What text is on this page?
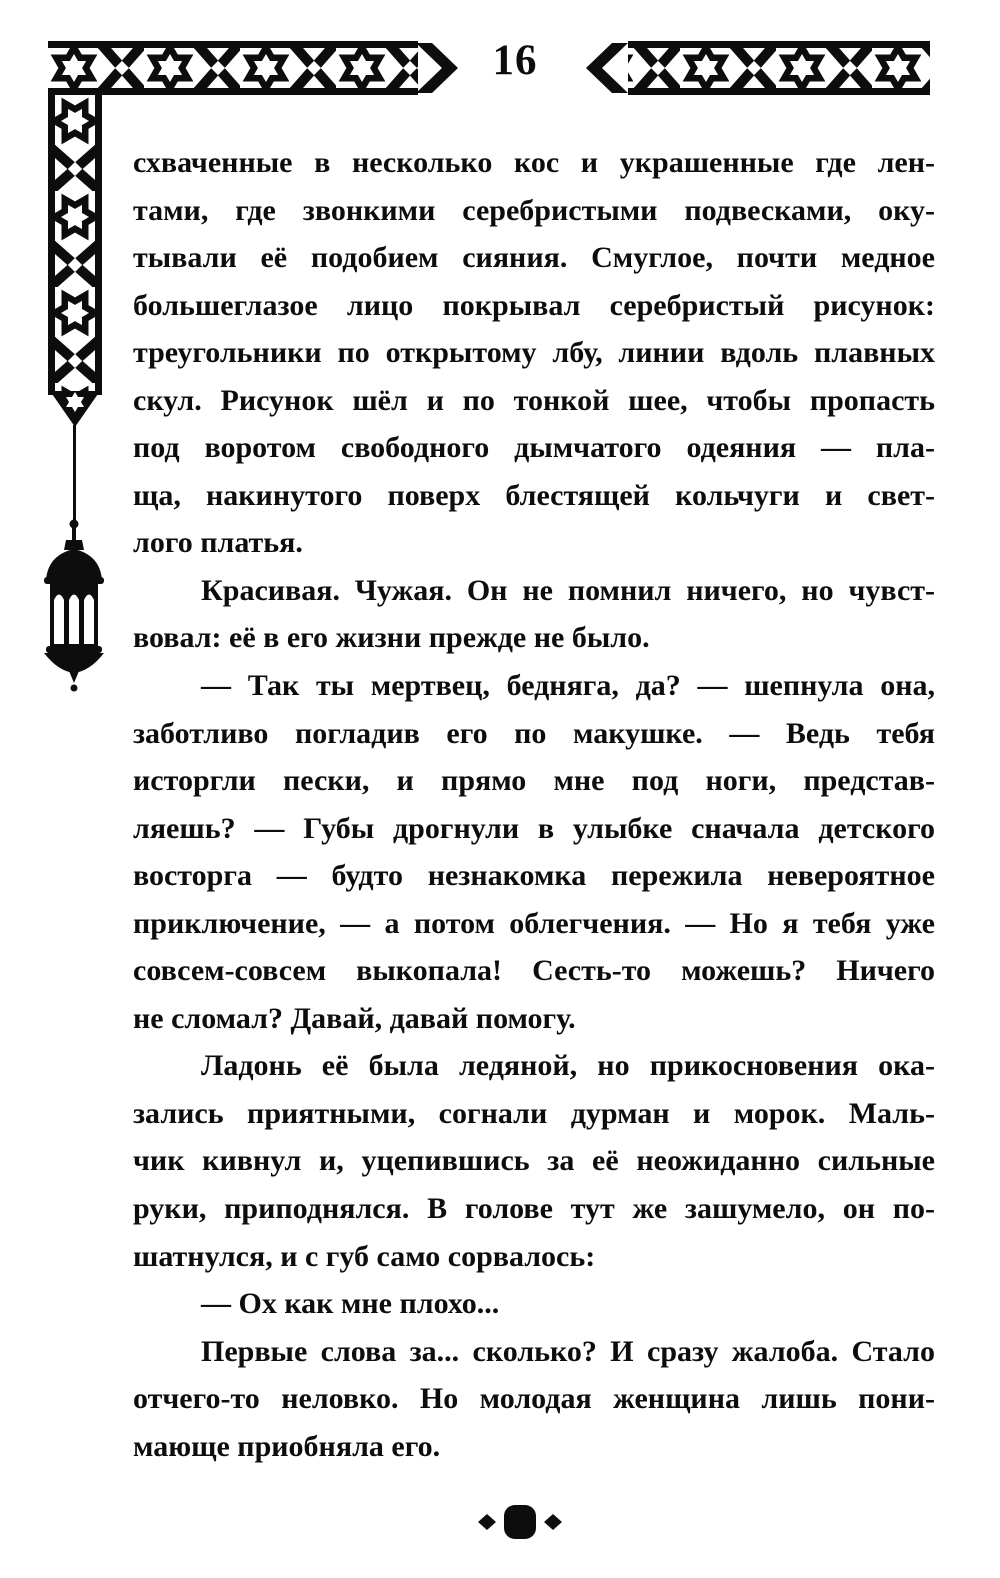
16
схваченные в несколько кос и украшенные где лен-
тами, где звонкими серебристыми подвесками, оку-
тывали её подобием сияния. Смуглое, почти медное
большеглазое лицо покрывал серебристый рисунок:
треугольники по открытому лбу, линии вдоль плавных
скул. Рисунок шёл и по тонкой шее, чтобы пропасть
под воротом свободного дымчатого одеяния — пла-
ща, накинутого поверх блестящей кольчуги и свет-
лого платья.
Красивая. Чужая. Он не помнил ничего, но чувст-
вовал: её в его жизни прежде не было.
— Так ты мертвец, бедняга, да? — шепнула она,
заботливо погладив его по макушке. — Ведь тебя
исторгли пески, и прямо мне под ноги, представ-
ляешь? — Губы дрогнули в улыбке сначала детского
восторга — будто незнакомка пережила невероятное
приключение, — а потом облегчения. — Но я тебя уже
совсем-совсем выкопала! Сесть-то можешь? Ничего
не сломал? Давай, давай помогу.
Ладонь её была ледяной, но прикосновения ока-
зались приятными, согнали дурман и морок. Маль-
чик кивнул и, уцепившись за её неожиданно сильные
руки, приподнялся. В голове тут же зашумело, он по-
шатнулся, и с губ само сорвалось:
— Ох как мне плохо...
Первые слова за... сколько? И сразу жалоба. Стало
отчего-то неловко. Но молодая женщина лишь пони-
мающе приобняла его.
